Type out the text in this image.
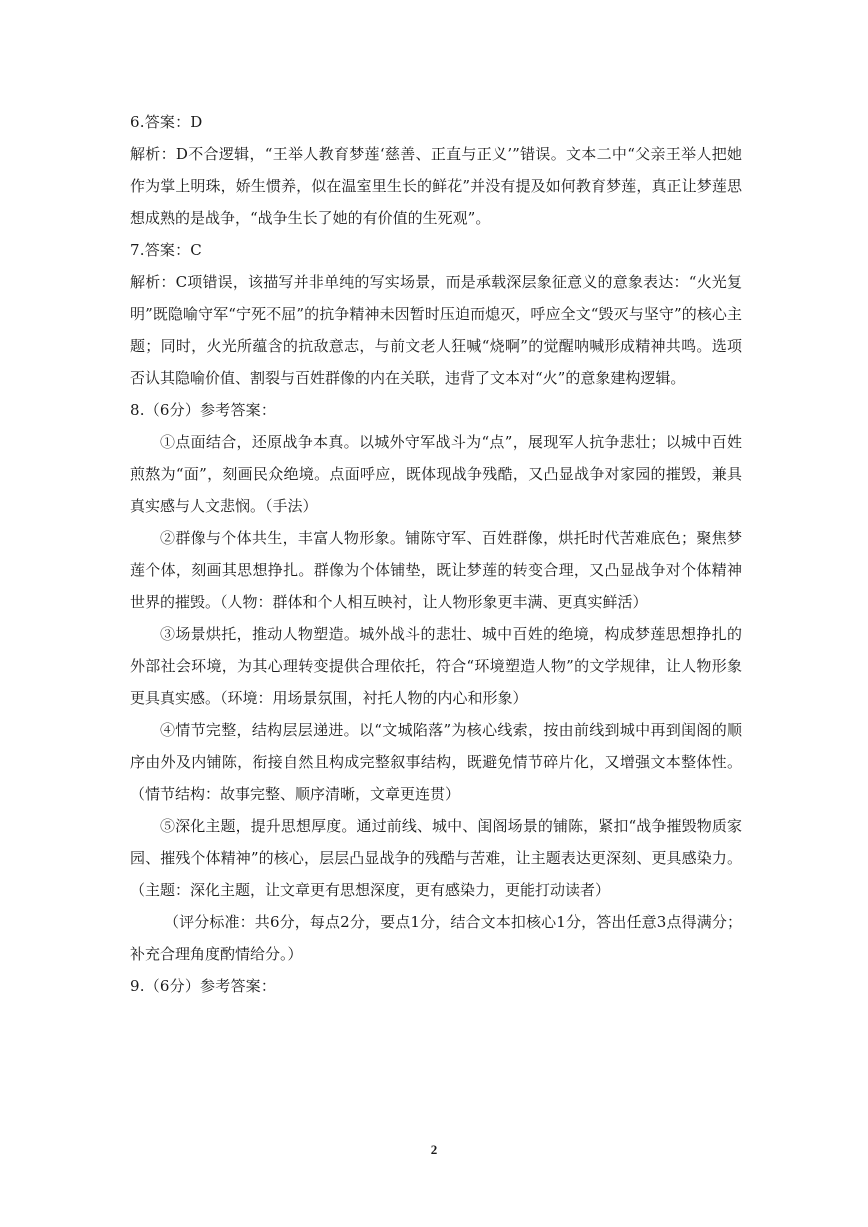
6.答案：D

解析：D不合逻辑，“王举人教育梦莲‘慈善、正直与正义’”错误。文本二中“父亲王举人把她作为掌上明珠，娇生惯养，似在温室里生长的鲜花”并没有提及如何教育梦莲，真正让梦莲思想成熟的是战争，“战争生长了她的有价值的生死观”。

7.答案：C

解析：C项错误，该描写并非单纯的写实场景，而是承载深层象征意义的意象表达：“火光复明”既隐喻守军“宁死不屈”的抗争精神未因暂时压迫而熄灭，呼应全文“毁灭与坚守”的核心主题；同时，火光所蕴含的抗敌意志，与前文老人狂喊“烧啊”的觉醒呐喊形成精神共鸣。选项否认其隐喻价值、割裂与百姓群像的内在关联，违背了文本对“火”的意象建构逻辑。

8.（6分）参考答案：

①点面结合，还原战争本真。以城外守军战斗为“点”，展现军人抗争悲壮；以城中百姓煎熬为“面”，刻画民众绝境。点面呼应，既体现战争残酷，又凸显战争对家园的摧毁，兼具真实感与人文悲悯。（手法）

②群像与个体共生，丰富人物形象。铺陈守军、百姓群像，烘托时代苦难底色；聚焦梦莲个体，刻画其思想挣扎。群像为个体铺垫，既让梦莲的转变合理，又凸显战争对个体精神世界的摧毁。（人物：群体和个人相互映衬，让人物形象更丰满、更真实鲜活）

③场景烘托，推动人物塑造。城外战斗的悲壮、城中百姓的绝境，构成梦莲思想挣扎的外部社会环境，为其心理转变提供合理依托，符合“环境塑造人物”的文学规律，让人物形象更具真实感。（环境：用场景氛围，衬托人物的内心和形象）

④情节完整，结构层层递进。以“文城陷落”为核心线索，按由前线到城中再到闺阁的顺序由外及内铺陈，衔接自然且构成完整叙事结构，既避免情节碎片化，又增强文本整体性。（情节结构：故事完整、顺序清晰，文章更连贯）

⑤深化主题，提升思想厚度。通过前线、城中、闺阁场景的铺陈，紧扣“战争摧毁物质家园、摧残个体精神”的核心，层层凸显战争的残酷与苦难，让主题表达更深刻、更具感染力。（主题：深化主题，让文章更有思想深度，更有感染力，更能打动读者）

（评分标准：共6分，每点2分，要点1分，结合文本扣核心1分，答出任意3点得满分；补充合理角度酌情给分。）

9.（6分）参考答案：
2
